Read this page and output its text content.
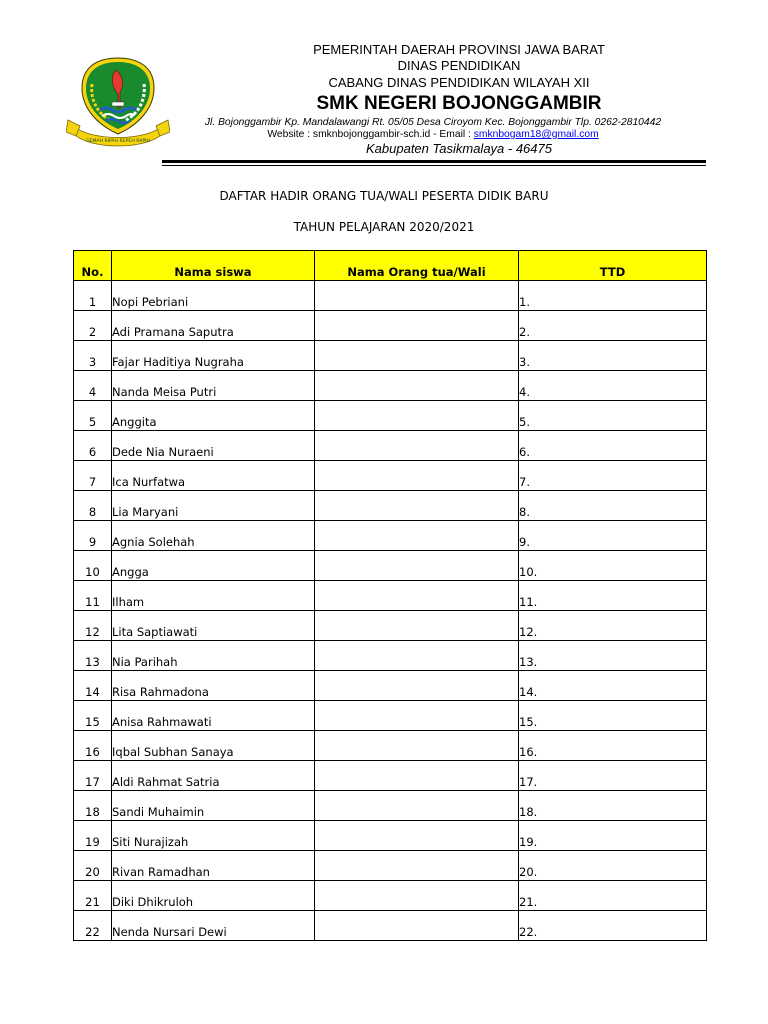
GEMAH RIPAH REPEH RAPIH

PEMERINTAH DAERAH PROVINSI JAWA BARAT

DINAS PENDIDIKAN

CABANG DINAS PENDIDIKAN WILAYAH XII

SMK NEGERI BOJONGGAMBIR

Jl. Bojonggambir Kp. Mandalawangi Rt. 05/05 Desa Ciroyom Kec. Bojonggambir Tlp. 0262-2810442

Website : smknbojonggambir-sch.id - Email : smknbogam18@gmail.com

Kabupaten Tasikmalaya - 46475

DAFTAR HADIR ORANG TUA/WALI PESERTA DIDIK BARU

TAHUN PELAJARAN 2020/2021

No.	Nama siswa	Nama Orang tua/Wali	TTD
1	Nopi Pebriani		1.
2	Adi Pramana Saputra		2.
3	Fajar Haditiya Nugraha		3.
4	Nanda Meisa Putri		4.
5	Anggita		5.
6	Dede Nia Nuraeni		6.
7	Ica Nurfatwa		7.
8	Lia Maryani		8.
9	Agnia Solehah		9.
10	Angga		10.
11	Ilham		11.
12	Lita Saptiawati		12.
13	Nia Parihah		13.
14	Risa Rahmadona		14.
15	Anisa Rahmawati		15.
16	Iqbal Subhan Sanaya		16.
17	Aldi Rahmat Satria		17.
18	Sandi Muhaimin		18.
19	Siti Nurajizah		19.
20	Rivan Ramadhan		20.
21	Diki Dhikruloh		21.
22	Nenda Nursari Dewi		22.
